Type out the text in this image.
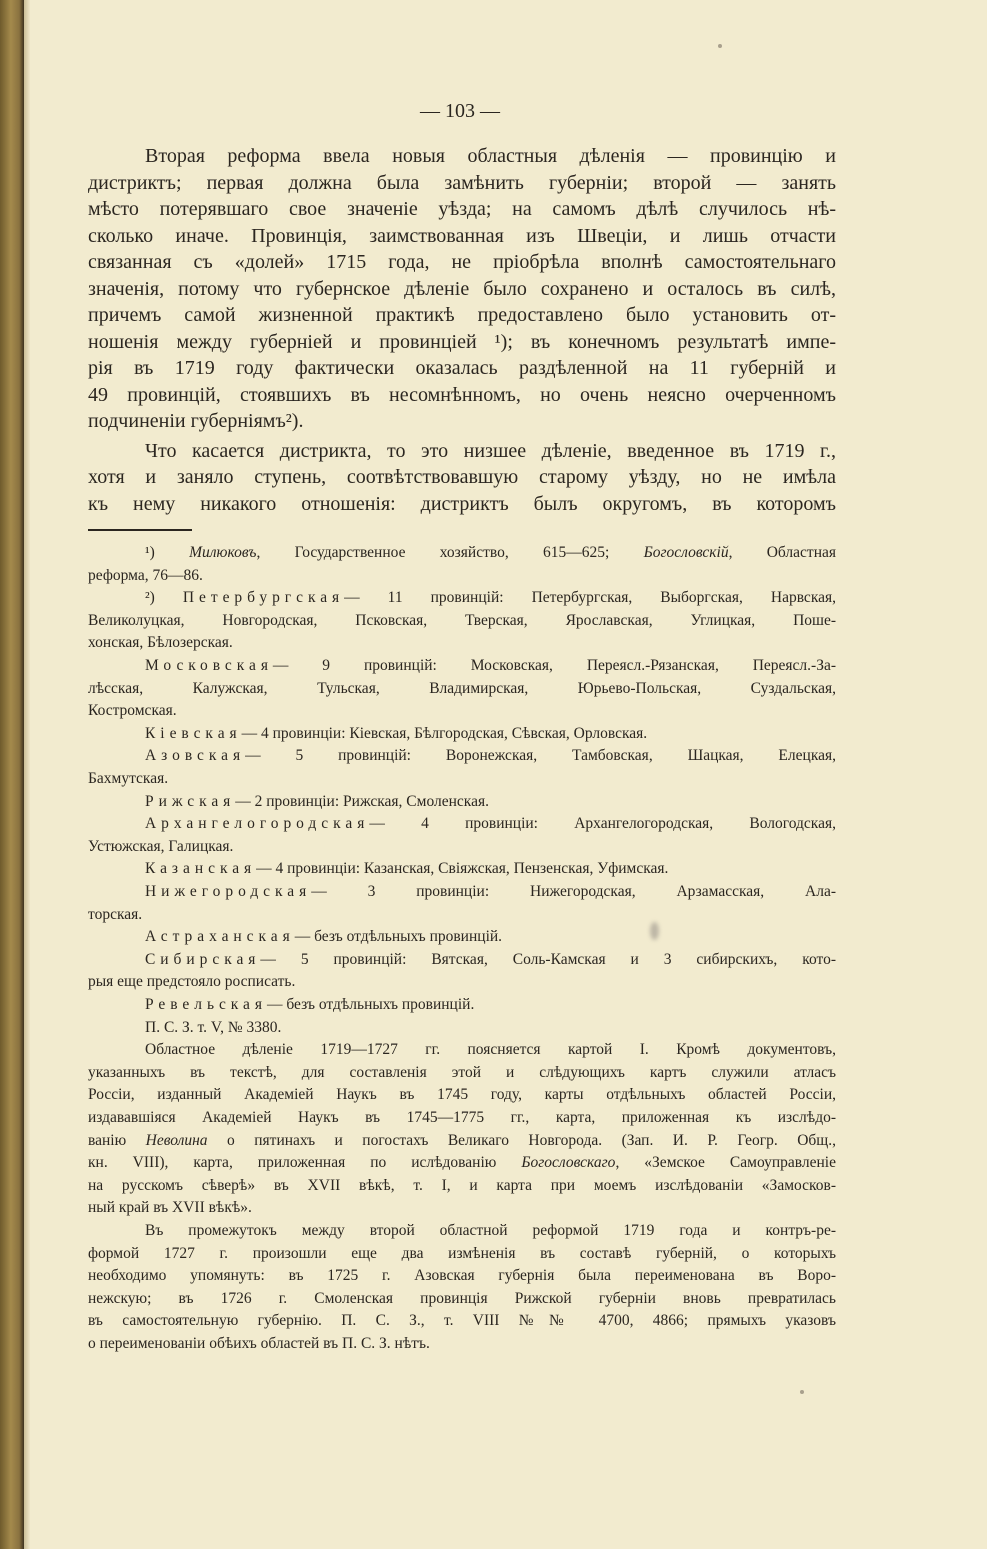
— 103 —
Вторая реформа ввела новыя областныя дѣленія — провинцію и
дистриктъ; первая должна была замѣнить губерніи; второй — занять
мѣсто потерявшаго свое значеніе уѣзда; на самомъ дѣлѣ случилось нѣ-
сколько иначе. Провинція, заимствованная изъ Швеціи, и лишь отчасти
связанная съ «долей» 1715 года, не пріобрѣла вполнѣ самостоятельнаго
значенія, потому что губернское дѣленіе было сохранено и осталось въ силѣ,
причемъ самой жизненной практикѣ предоставлено было установить от-
ношенія между губерніей и провинціей ¹); въ конечномъ результатѣ импе-
рія въ 1719 году фактически оказалась раздѣленной на 11 губерній и
49 провинцій, стоявшихъ въ несомнѣнномъ, но очень неясно очерченномъ
подчиненіи губерніямъ²).
Что касается дистрикта, то это низшее дѣленіе, введенное въ 1719 г.,
хотя и заняло ступень, соотвѣтствовавшую старому уѣзду, но не имѣла
къ нему никакого отношенія: дистриктъ былъ округомъ, въ которомъ
¹) Милюковъ, Государственное хозяйство, 615—625; Богословскій, Областная
реформа, 76—86.
²) Петербургская— 11 провинцій: Петербургская, Выборгская, Нарвская,
Великолуцкая, Новгородская, Псковская, Тверская, Ярославская, Углицкая, Поше-
хонская, Бѣлозерская.
Московская— 9 провинцій: Московская, Переясл.-Рязанская, Переясл.-За-
лѣсская, Калужская, Тульская, Владимирская, Юрьево-Польская, Суздальская,
Костромская.
Кіевская— 4 провинціи: Кіевская, Бѣлгородская, Сѣвская, Орловская.
Азовская— 5 провинцій: Воронежская, Тамбовская, Шацкая, Елецкая,
Бахмутская.
Рижская— 2 провинціи: Рижская, Смоленская.
Архангелогородская— 4 провинціи: Архангелогородская, Вологодская,
Устюжская, Галицкая.
Казанская— 4 провинціи: Казанская, Свіяжская, Пензенская, Уфимская.
Нижегородская— 3 провинціи: Нижегородская, Арзамасская, Ала-
торская.
Астраханская— безъ отдѣльныхъ провинцій.
Сибирская— 5 провинцій: Вятская, Соль-Камская и 3 сибирскихъ, кото-
рыя еще предстояло росписать.
Ревельская— безъ отдѣльныхъ провинцій.
П. С. З. т. V, № 3380.
Областное дѣленіе 1719—1727 гг. поясняется картой I. Кромѣ документовъ,
указанныхъ въ текстѣ, для составленія этой и слѣдующихъ картъ служили атласъ
Россіи, изданный Академіей Наукъ въ 1745 году, карты отдѣльныхъ областей Россіи,
издававшіяся Академіей Наукъ въ 1745—1775 гг., карта, приложенная къ изслѣдо-
ванію Неволина о пятинахъ и погостахъ Великаго Новгорода. (Зап. И. Р. Геогр. Общ.,
кн. VIII), карта, приложенная по ислѣдованію Богословскаго, «Земское Самоуправленіе
на русскомъ сѣверѣ» въ XVII вѣкѣ, т. I, и карта при моемъ изслѣдованіи «Замосков-
ный край въ XVII вѣкѣ».
Въ промежутокъ между второй областной реформой 1719 года и контръ-ре-
формой 1727 г. произошли еще два измѣненія въ составѣ губерній, о которыхъ
необходимо упомянуть: въ 1725 г. Азовская губернія была переименована въ Воро-
нежскую; въ 1726 г. Смоленская провинція Рижской губерніи вновь превратилась
въ самостоятельную губернію. П. С. З., т. VIII №№ 4700, 4866; прямыхъ указовъ
о переименованіи обѣихъ областей въ П. С. З. нѣтъ.
